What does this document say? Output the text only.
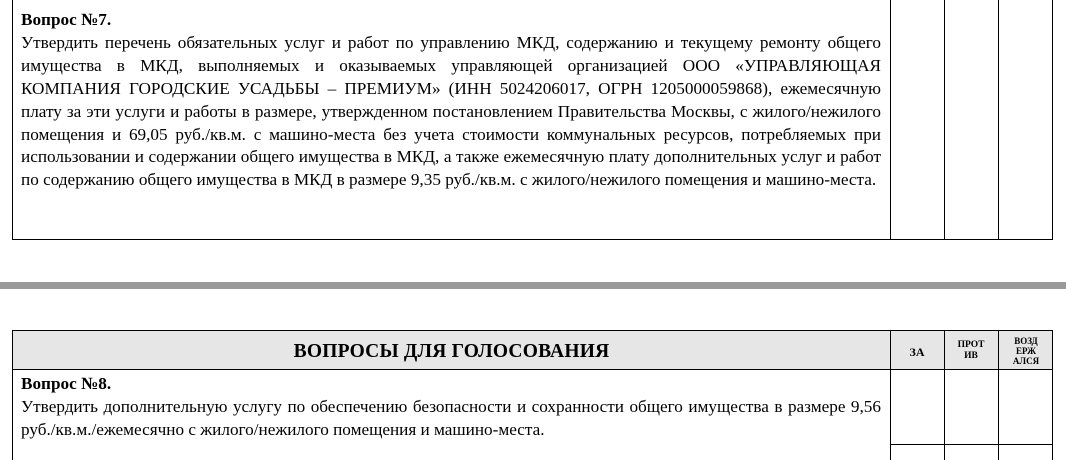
Вопрос №7.
Утвердить перечень обязательных услуг и работ по управлению МКД, содержанию и текущему ремонту общего имущества в МКД, выполняемых и оказываемых управляющей организацией ООО «УПРАВЛЯЮЩАЯ КОМПАНИЯ ГОРОДСКИЕ УСАДЬБЫ – ПРЕМИУМ» (ИНН 5024206017, ОГРН 1205000059868), ежемесячную плату за эти услуги и работы в размере, утвержденном постановлением Правительства Москвы, с жилого/нежилого помещения и 69,05 руб./кв.м. с машино-места без учета стоимости коммунальных ресурсов, потребляемых при использовании и содержании общего имущества в МКД, а также ежемесячную плату дополнительных услуг и работ по содержанию общего имущества в МКД в размере 9,35 руб./кв.м. с жилого/нежилого помещения и машино-места.
ВОПРОСЫ ДЛЯ ГОЛОСОВАНИЯ	ЗА	ПРОТ
ИВ
ВОЗД
ЕРЖ
АЛСЯ
Вопрос №8.
Утвердить дополнительную услугу по обеспечению безопасности и сохранности общего имущества в размере 9,56 руб./кв.м./ежемесячно с жилого/нежилого помещения и машино-места.
